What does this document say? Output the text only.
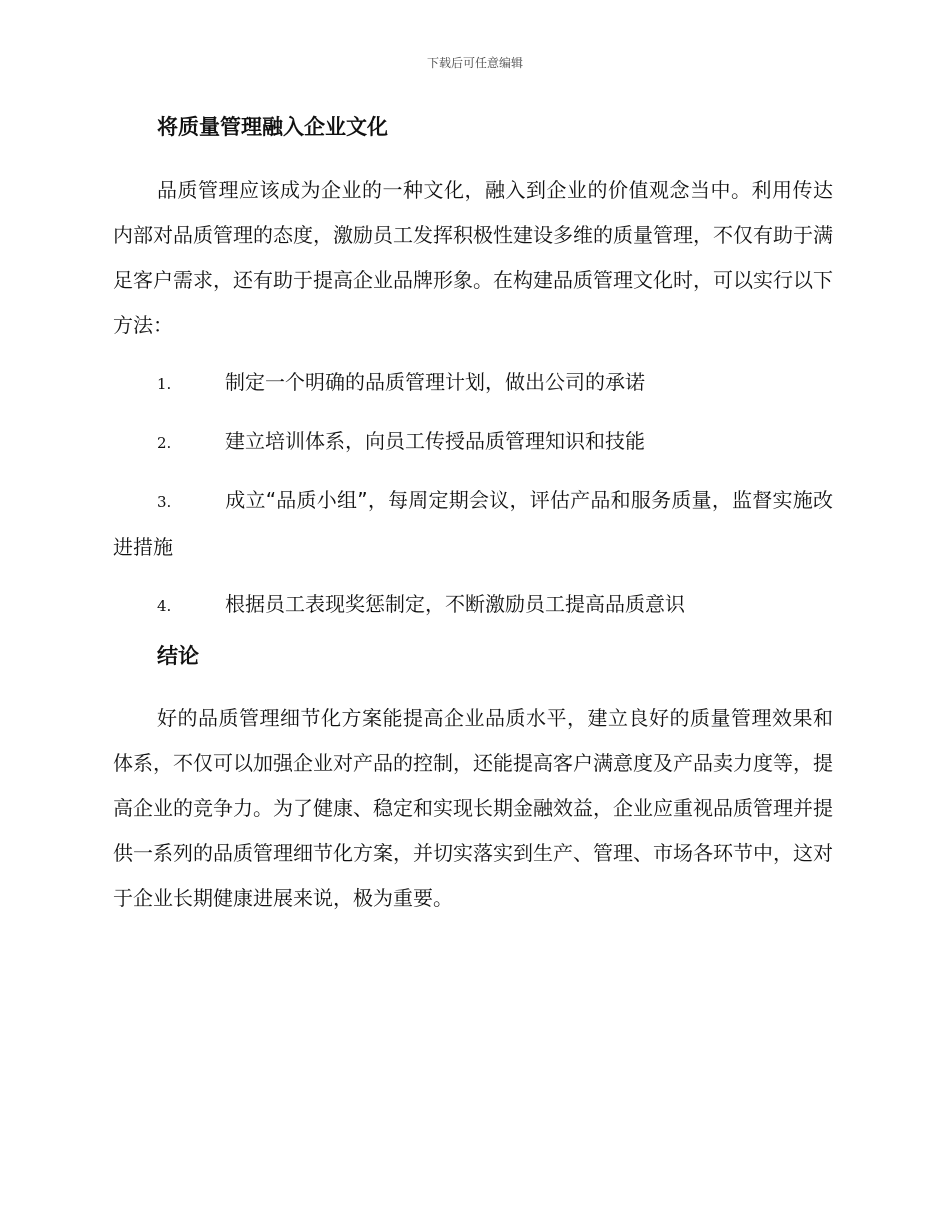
下载后可任意编辑
将质量管理融入企业文化

品质管理应该成为企业的一种文化，融入到企业的价值观念当中。利用传达内部对品质管理的态度，激励员工发挥积极性建设多维的质量管理，不仅有助于满足客户需求，还有助于提高企业品牌形象。在构建品质管理文化时，可以实行以下方法：

1.	制定一个明确的品质管理计划，做出公司的承诺
2.	建立培训体系，向员工传授品质管理知识和技能
3.	成立“品质小组”，每周定期会议，评估产品和服务质量，监督实施改进措施
4.	根据员工表现奖惩制定，不断激励员工提高品质意识
结论

好的品质管理细节化方案能提高企业品质水平，建立良好的质量管理效果和体系，不仅可以加强企业对产品的控制，还能提高客户满意度及产品卖力度等，提高企业的竞争力。为了健康、稳定和实现长期金融效益，企业应重视品质管理并提供一系列的品质管理细节化方案，并切实落实到生产、管理、市场各环节中，这对于企业长期健康进展来说，极为重要。
